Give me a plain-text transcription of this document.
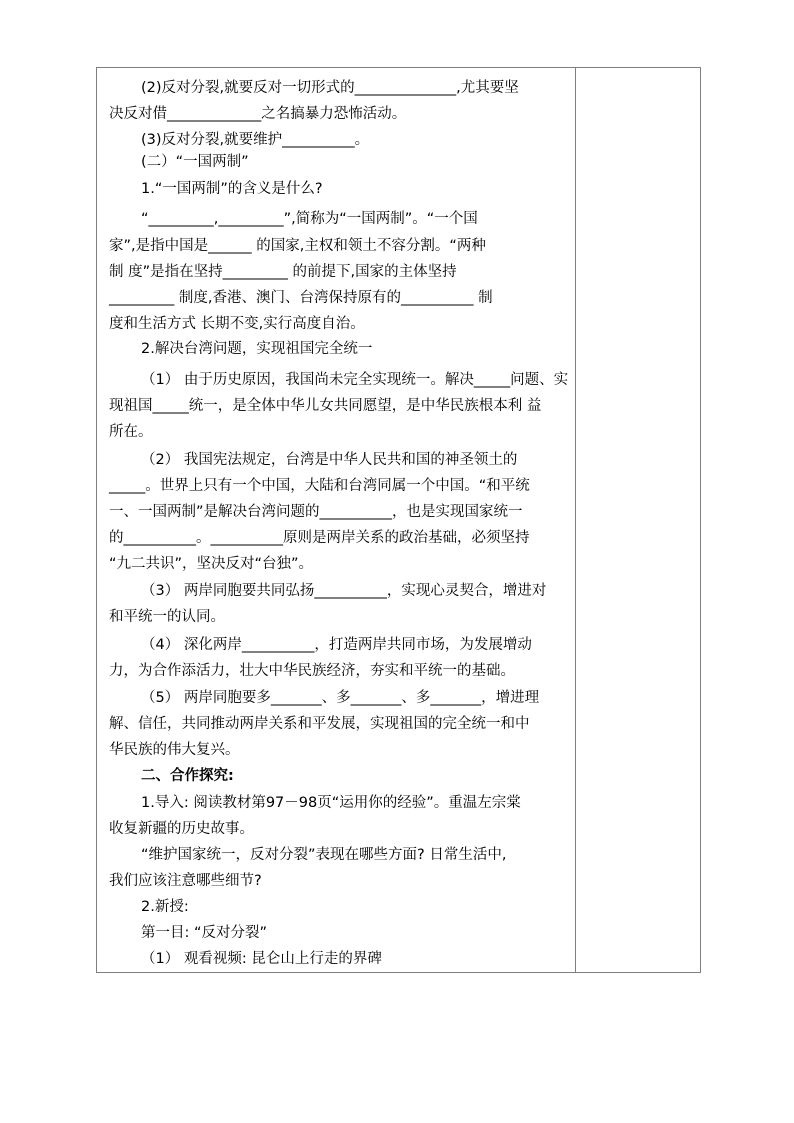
(2)反对分裂,就要反对一切形式的______________,尤其要坚
决反对借_____________之名搞暴力恐怖活动。
(3)反对分裂,就要维护__________。
(二）“一国两制”
1.“一国两制”的含义是什么?
“_________,_________”,简称为“一国两制”。“一个国
家”,是指中国是______ 的国家,主权和领土不容分割。“两种
制 度”是指在坚持_________ 的前提下,国家的主体坚持
_________ 制度,香港、澳门、台湾保持原有的__________ 制
度和生活方式 长期不变,实行高度自治。
2.解决台湾问题，实现祖国完全统一
（1） 由于历史原因，我国尚未完全实现统一。解决_____问题、实
现祖国_____统一，是全体中华儿女共同愿望，是中华民族根本利 益
所在。
（2） 我国宪法规定，台湾是中华人民共和国的神圣领土的
_____。世界上只有一个中国，大陆和台湾同属一个中国。“和平统
一、一国两制”是解决台湾问题的__________，也是实现国家统一
的__________。__________原则是两岸关系的政治基础，必须坚持
“九二共识”，坚决反对“台独”。
（3） 两岸同胞要共同弘扬__________，实现心灵契合，增进对
和平统一的认同。
（4） 深化两岸__________，打造两岸共同市场，为发展增动
力，为合作添活力，壮大中华民族经济，夯实和平统一的基础。
（5） 两岸同胞要多_______、多_______、多_______，增进理
解、信任，共同推动两岸关系和平发展，实现祖国的完全统一和中
华民族的伟大复兴。
二、合作探究:
1.导入: 阅读教材第97－98页“运用你的经验”。重温左宗棠
收复新疆的历史故事。
“维护国家统一，反对分裂”表现在哪些方面? 日常生活中,
我们应该注意哪些细节?
2.新授:
第一目: “反对分裂”
（1） 观看视频: 昆仑山上行走的界碑
